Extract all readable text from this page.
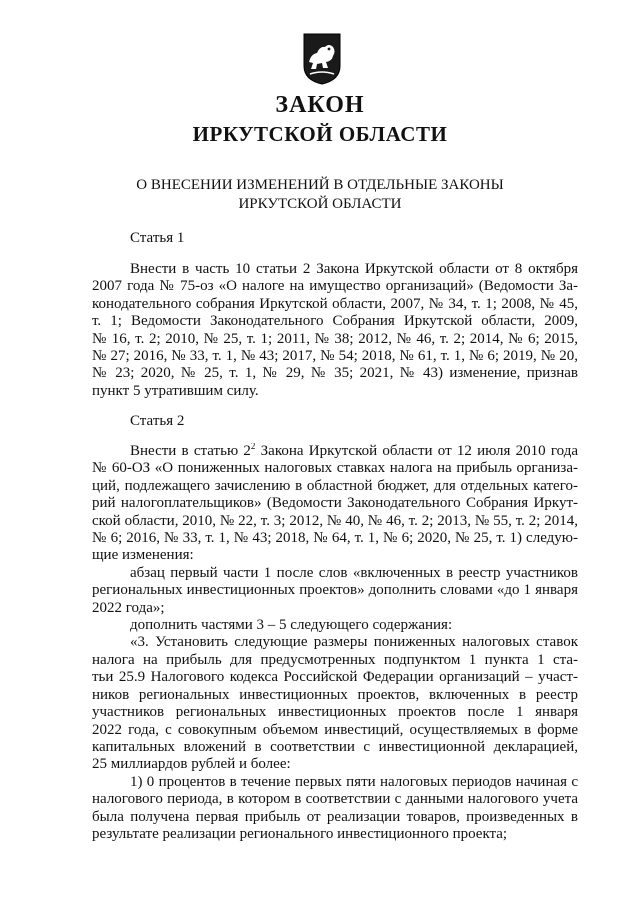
ЗАКОН
ИРКУТСКОЙ ОБЛАСТИ
О ВНЕСЕНИИ ИЗМЕНЕНИЙ В ОТДЕЛЬНЫЕ ЗАКОНЫ
ИРКУТСКОЙ ОБЛАСТИ
Статья 1
Внести в часть 10 статьи 2 Закона Иркутской области от 8 октября
2007 года № 75-оз «О налоге на имущество организаций» (Ведомости За-
конодательного собрания Иркутской области, 2007, № 34, т. 1; 2008, № 45,
т. 1; Ведомости Законодательного Собрания Иркутской области, 2009,
№ 16, т. 2; 2010, № 25, т. 1; 2011, № 38; 2012, № 46, т. 2; 2014, № 6; 2015,
№ 27; 2016, № 33, т. 1, № 43; 2017, № 54; 2018, № 61, т. 1, № 6; 2019, № 20,
№ 23; 2020, № 25, т. 1, № 29, № 35; 2021, № 43) изменение, признав
пункт 5 утратившим силу.
Статья 2
Внести в статью $2^2$ Закона Иркутской области от 12 июля 2010 года
№ 60-ОЗ «О пониженных налоговых ставках налога на прибыль организа-
ций, подлежащего зачислению в областной бюджет, для отдельных катего-
рий налогоплательщиков» (Ведомости Законодательного Собрания Иркут-
ской области, 2010, № 22, т. 3; 2012, № 40, № 46, т. 2; 2013, № 55, т. 2; 2014,
№ 6; 2016, № 33, т. 1, № 43; 2018, № 64, т. 1, № 6; 2020, № 25, т. 1) следую-
щие изменения:
абзац первый части 1 после слов «включенных в реестр участников
региональных инвестиционных проектов» дополнить словами «до 1 января
2022 года»;
дополнить частями 3 – 5 следующего содержания:
«3. Установить следующие размеры пониженных налоговых ставок
налога на прибыль для предусмотренных подпунктом 1 пункта 1 ста-
тьи 25.9 Налогового кодекса Российской Федерации организаций – участ-
ников региональных инвестиционных проектов, включенных в реестр
участников региональных инвестиционных проектов после 1 января
2022 года, с совокупным объемом инвестиций, осуществляемых в форме
капитальных вложений в соответствии с инвестиционной декларацией,
25 миллиардов рублей и более:
1) 0 процентов в течение первых пяти налоговых периодов начиная с
налогового периода, в котором в соответствии с данными налогового учета
была получена первая прибыль от реализации товаров, произведенных в
результате реализации регионального инвестиционного проекта;
